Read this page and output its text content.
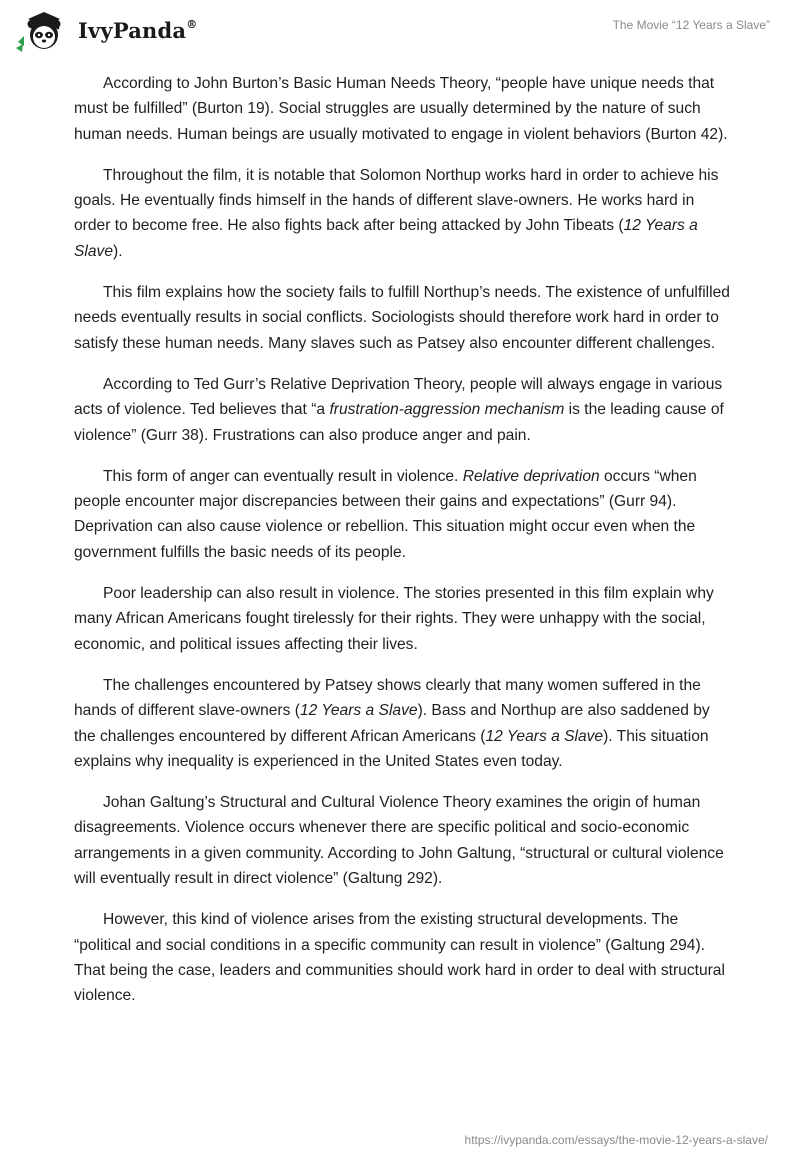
IvyPanda®	The Movie “12 Years a Slave”

According to John Burton’s Basic Human Needs Theory, “people have unique needs that must be fulfilled” (Burton 19). Social struggles are usually determined by the nature of such human needs. Human beings are usually motivated to engage in violent behaviors (Burton 42).

Throughout the film, it is notable that Solomon Northup works hard in order to achieve his goals. He eventually finds himself in the hands of different slave-owners. He works hard in order to become free. He also fights back after being attacked by John Tibeats (12 Years a Slave).

This film explains how the society fails to fulfill Northup’s needs. The existence of unfulfilled needs eventually results in social conflicts. Sociologists should therefore work hard in order to satisfy these human needs. Many slaves such as Patsey also encounter different challenges.

According to Ted Gurr’s Relative Deprivation Theory, people will always engage in various acts of violence. Ted believes that “a frustration-aggression mechanism is the leading cause of violence” (Gurr 38). Frustrations can also produce anger and pain.

This form of anger can eventually result in violence. Relative deprivation occurs “when people encounter major discrepancies between their gains and expectations” (Gurr 94). Deprivation can also cause violence or rebellion. This situation might occur even when the government fulfills the basic needs of its people.

Poor leadership can also result in violence. The stories presented in this film explain why many African Americans fought tirelessly for their rights. They were unhappy with the social, economic, and political issues affecting their lives.

The challenges encountered by Patsey shows clearly that many women suffered in the hands of different slave-owners (12 Years a Slave). Bass and Northup are also saddened by the challenges encountered by different African Americans (12 Years a Slave). This situation explains why inequality is experienced in the United States even today.

Johan Galtung’s Structural and Cultural Violence Theory examines the origin of human disagreements. Violence occurs whenever there are specific political and socio-economic arrangements in a given community. According to John Galtung, “structural or cultural violence will eventually result in direct violence” (Galtung 292).

However, this kind of violence arises from the existing structural developments. The “political and social conditions in a specific community can result in violence” (Galtung 294). That being the case, leaders and communities should work hard in order to deal with structural violence.

https://ivypanda.com/essays/the-movie-12-years-a-slave/
